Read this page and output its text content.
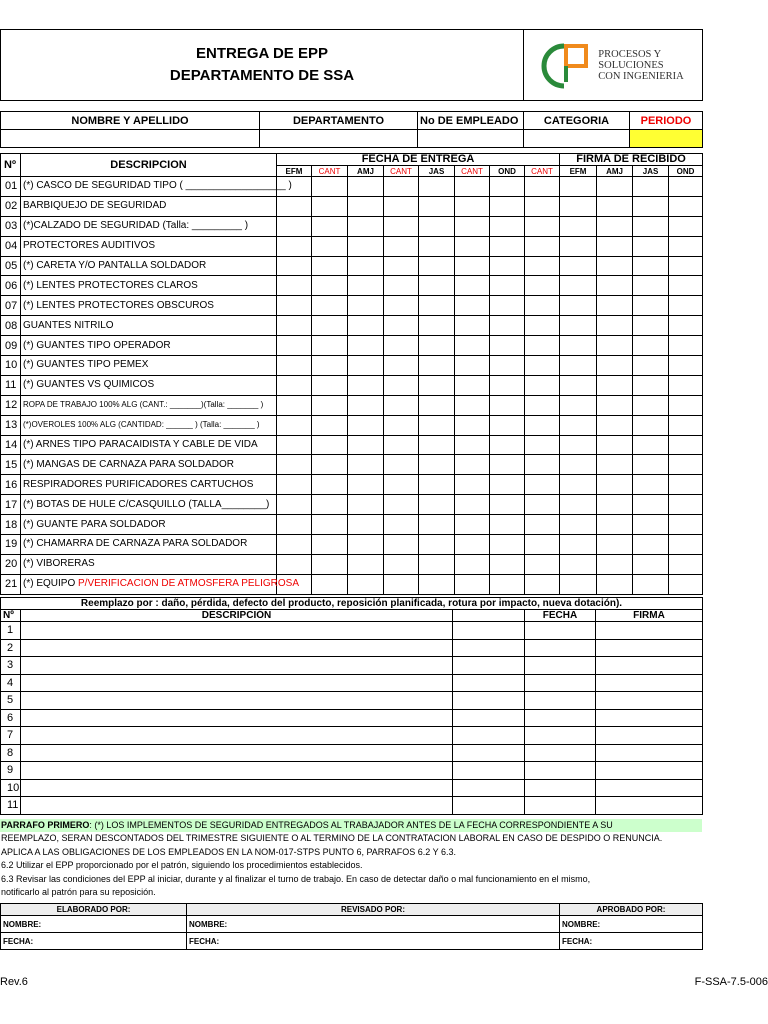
ENTREGA DE EPP
DEPARTAMENTO DE SSA

PROCESOS Y
SOLUCIONES
CON INGENIERIA
NOMBRE Y APELLIDO	DEPARTAMENTO	No DE EMPLEADO	CATEGORIA	PERIODO

Nº	DESCRIPCION	FECHA DE ENTREGA								FIRMA DE RECIBIDO			
		EFM	CANT	AMJ	CANT	JAS	CANT	OND	CANT	EFM	AMJ	JAS	OND
01	(*) CASCO DE SEGURIDAD TIPO ( __________________ )												
02	BARBIQUEJO DE SEGURIDAD												
03	(*)CALZADO DE SEGURIDAD (Talla: _________ )												
04	PROTECTORES AUDITIVOS												
05	(*) CARETA Y/O PANTALLA SOLDADOR												
06	(*) LENTES PROTECTORES CLAROS												
07	(*) LENTES PROTECTORES OBSCUROS												
08	GUANTES NITRILO												
09	(*) GUANTES TIPO OPERADOR												
10	(*) GUANTES TIPO PEMEX												
11	(*) GUANTES VS QUIMICOS												
12	ROPA DE TRABAJO 100% ALG (CANT.: _______)(Talla: _______ )												
13	(*)OVEROLES 100% ALG (CANTIDAD: ______ ) (Talla: _______ )												
14	(*) ARNES TIPO PARACAIDISTA Y CABLE DE VIDA												
15	(*) MANGAS DE CARNAZA PARA SOLDADOR												
16	RESPIRADORES PURIFICADORES CARTUCHOS												
17	(*) BOTAS DE HULE C/CASQUILLO (TALLA________)												
18	(*) GUANTE PARA SOLDADOR												
19	(*) CHAMARRA DE CARNAZA PARA SOLDADOR												
20	(*) VIBORERAS												
21	(*) EQUIPO P/VERIFICACION DE ATMOSFERA PELIGROSA												
Reemplazo por : daño, pérdida, defecto del producto, reposición planificada, rotura por impacto, nueva dotación).				
Nº	DESCRIPCIÓN		FECHA	FIRMA
1				
2				
3				
4				
5				
6				
7				
8				
9				
10				
11				
PARRAFO PRIMERO: (*) LOS IMPLEMENTOS DE SEGURIDAD ENTREGADOS AL TRABAJADOR ANTES DE LA FECHA CORRESPONDIENTE A SU
REEMPLAZO, SERAN DESCONTADOS DEL TRIMESTRE SIGUIENTE O AL TERMINO DE LA CONTRATACION LABORAL EN CASO DE DESPIDO O RENUNCIA.
APLICA A LAS OBLIGACIONES DE LOS EMPLEADOS EN LA NOM-017-STPS PUNTO 6, PARRAFOS 6.2 Y 6.3.
6.2 Utilizar el EPP proporcionado por el patrón, siguiendo los procedimientos establecidos.
6.3 Revisar las condiciones del EPP al iniciar, durante y al finalizar el turno de trabajo. En caso de detectar daño o mal funcionamiento en el mismo,
notificarlo al patrón para su reposición.
ELABORADO POR:	REVISADO POR:	APROBADO POR:
NOMBRE:	NOMBRE:	NOMBRE:
FECHA:	FECHA:	FECHA:
Rev.6	F-SSA-7.5-006
